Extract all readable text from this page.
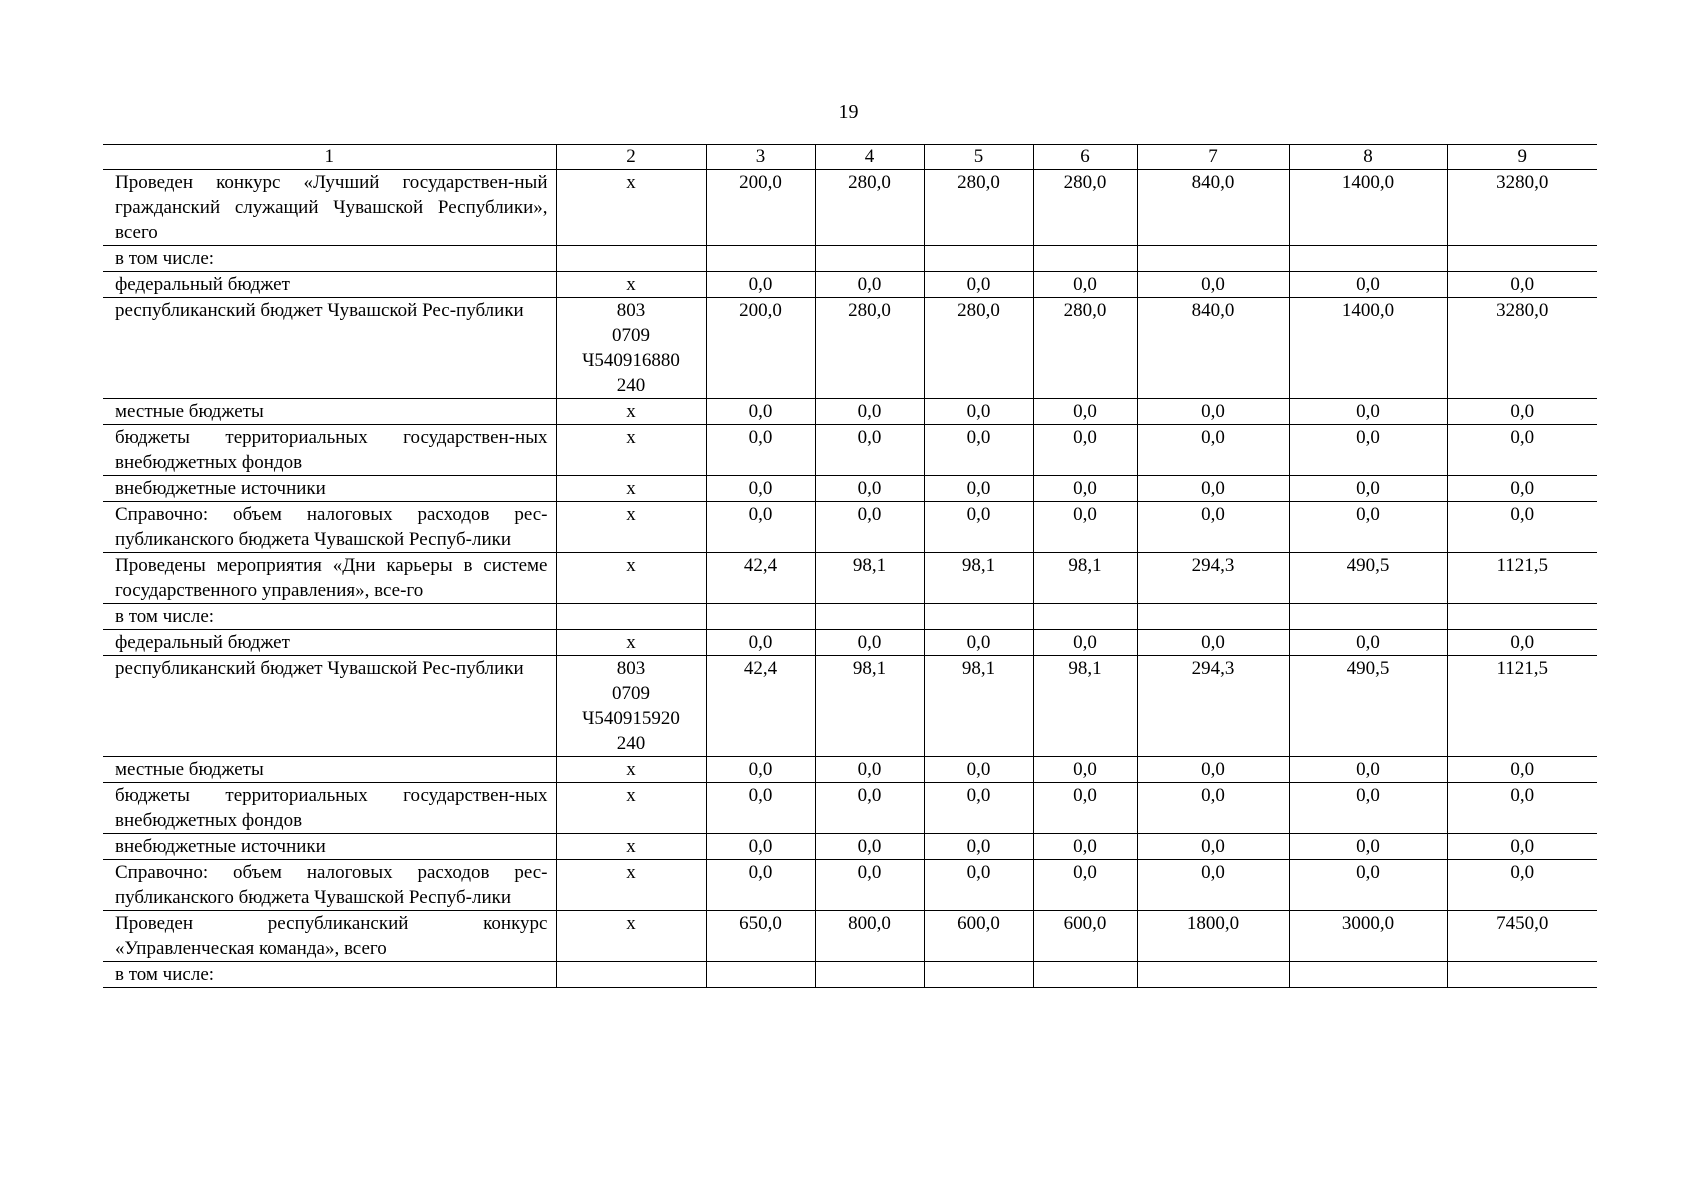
19
1	2	3	4	5	6	7	8	9
Проведен конкурс «Лучший государствен-ный гражданский служащий Чувашской Республики», всего	x	200,0	280,0	280,0	280,0	840,0	1400,0	3280,0
в том числе:	

федеральный бюджет	x	0,0	0,0	0,0	0,0	0,0	0,0	0,0
республиканский бюджет Чувашской Рес-публики	803
0709
Ч540916880
240	200,0	280,0	280,0	280,0	840,0	1400,0	3280,0
местные бюджеты	x	0,0	0,0	0,0	0,0	0,0	0,0	0,0
бюджеты территориальных государствен-ных внебюджетных фондов	x	0,0	0,0	0,0	0,0	0,0	0,0	0,0
внебюджетные источники	x	0,0	0,0	0,0	0,0	0,0	0,0	0,0
Справочно: объем налоговых расходов рес-публиканского бюджета Чувашской Респуб-лики	x	0,0	0,0	0,0	0,0	0,0	0,0	0,0
Проведены мероприятия «Дни карьеры в системе государственного управления», все-го	x	42,4	98,1	98,1	98,1	294,3	490,5	1121,5
в том числе:	

федеральный бюджет	x	0,0	0,0	0,0	0,0	0,0	0,0	0,0
республиканский бюджет Чувашской Рес-публики	803
0709
Ч540915920
240	42,4	98,1	98,1	98,1	294,3	490,5	1121,5
местные бюджеты	x	0,0	0,0	0,0	0,0	0,0	0,0	0,0
бюджеты территориальных государствен-ных внебюджетных фондов	x	0,0	0,0	0,0	0,0	0,0	0,0	0,0
внебюджетные источники	x	0,0	0,0	0,0	0,0	0,0	0,0	0,0
Справочно: объем налоговых расходов рес-публиканского бюджета Чувашской Респуб-лики	x	0,0	0,0	0,0	0,0	0,0	0,0	0,0
Проведен республиканский конкурс «Управленческая команда», всего	x	650,0	800,0	600,0	600,0	1800,0	3000,0	7450,0
в том числе:	
